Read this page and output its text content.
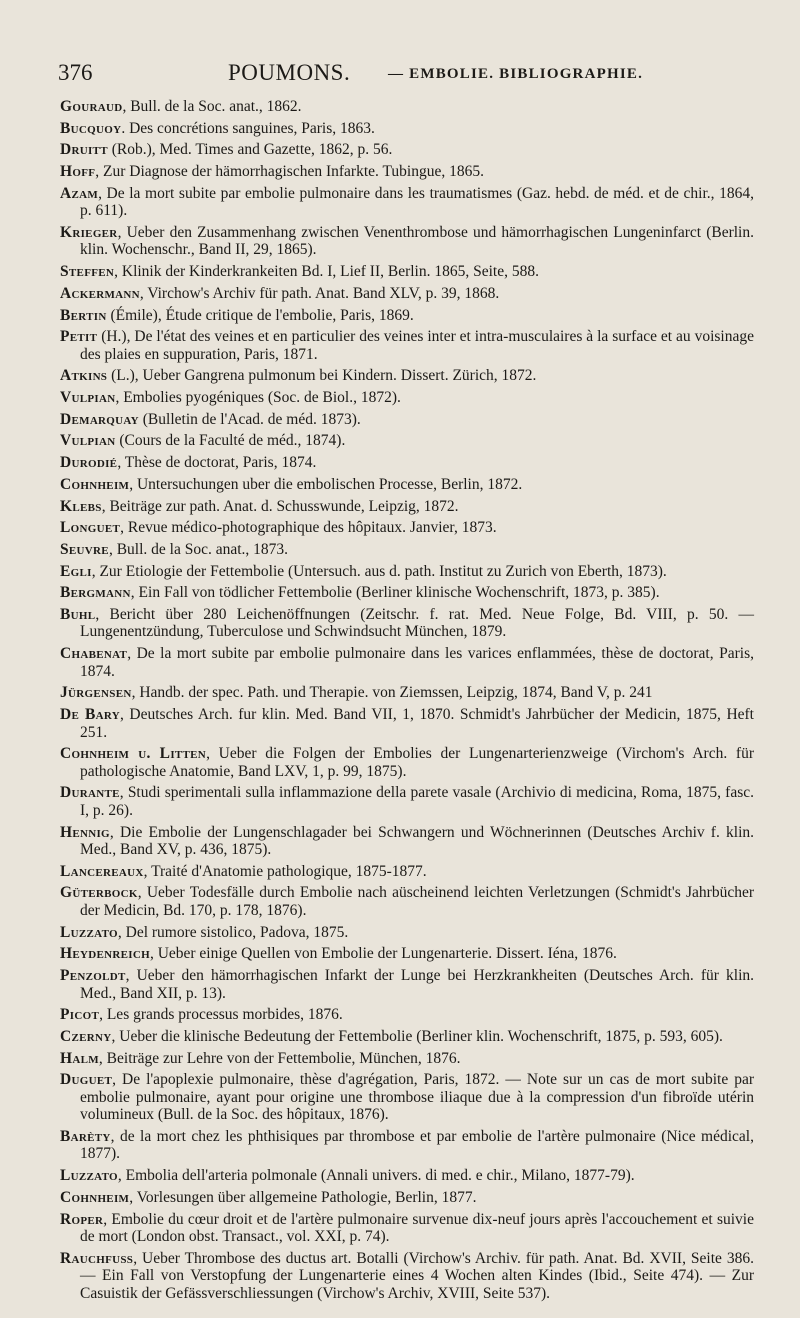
376	POUMONS.	— EMBOLIE. BIBLIOGRAPHIE.

Gouraud, Bull. de la Soc. anat., 1862.

Bucquoy. Des concrétions sanguines, Paris, 1863.

Druitt (Rob.), Med. Times and Gazette, 1862, p. 56.

Hoff, Zur Diagnose der hämorrhagischen Infarkte. Tubingue, 1865.

Azam, De la mort subite par embolie pulmonaire dans les traumatismes (Gaz. hebd. de méd. et de chir., 1864, p. 611).

Krieger, Ueber den Zusammenhang zwischen Venenthrombose und hämorrhagischen Lungeninfarct (Berlin. klin. Wochenschr., Band II, 29, 1865).

Steffen, Klinik der Kinderkrankeiten Bd. I, Lief II, Berlin. 1865, Seite, 588.

Ackermann, Virchow's Archiv für path. Anat. Band XLV, p. 39, 1868.

Bertin (Émile), Étude critique de l'embolie, Paris, 1869.

Petit (H.), De l'état des veines et en particulier des veines inter et intra-musculaires à la surface et au voisinage des plaies en suppuration, Paris, 1871.

Atkins (L.), Ueber Gangrena pulmonum bei Kindern. Dissert. Zürich, 1872.

Vulpian, Embolies pyogéniques (Soc. de Biol., 1872).

Demarquay (Bulletin de l'Acad. de méd. 1873).

Vulpian (Cours de la Faculté de méd., 1874).

Durodié, Thèse de doctorat, Paris, 1874.

Cohnheim, Untersuchungen uber die embolischen Processe, Berlin, 1872.

Klebs, Beiträge zur path. Anat. d. Schusswunde, Leipzig, 1872.

Longuet, Revue médico-photographique des hôpitaux. Janvier, 1873.

Seuvre, Bull. de la Soc. anat., 1873.

Egli, Zur Etiologie der Fettembolie (Untersuch. aus d. path. Institut zu Zurich von Eberth, 1873).

Bergmann, Ein Fall von tödlicher Fettembolie (Berliner klinische Wochenschrift, 1873, p. 385).

Buhl, Bericht über 280 Leichenöffnungen (Zeitschr. f. rat. Med. Neue Folge, Bd. VIII, p. 50. — Lungenentzündung, Tuberculose und Schwindsucht München, 1879.

Chabenat, De la mort subite par embolie pulmonaire dans les varices enflammées, thèse de doctorat, Paris, 1874.

Jürgensen, Handb. der spec. Path. und Therapie. von Ziemssen, Leipzig, 1874, Band V, p. 241

De Bary, Deutsches Arch. fur klin. Med. Band VII, 1, 1870. Schmidt's Jahrbücher der Medicin, 1875, Heft 251.

Cohnheim u. Litten, Ueber die Folgen der Embolies der Lungenarterienzweige (Virchom's Arch. für pathologische Anatomie, Band LXV, 1, p. 99, 1875).

Durante, Studi sperimentali sulla inflammazione della parete vasale (Archivio di medicina, Roma, 1875, fasc. I, p. 26).

Hennig, Die Embolie der Lungenschlagader bei Schwangern und Wöchnerinnen (Deutsches Archiv f. klin. Med., Band XV, p. 436, 1875).

Lancereaux, Traité d'Anatomie pathologique, 1875-1877.

Güterbock, Ueber Todesfälle durch Embolie nach aüscheinend leichten Verletzungen (Schmidt's Jahrbücher der Medicin, Bd. 170, p. 178, 1876).

Luzzato, Del rumore sistolico, Padova, 1875.

Heydenreich, Ueber einige Quellen von Embolie der Lungenarterie. Dissert. Iéna, 1876.

Penzoldt, Ueber den hämorrhagischen Infarkt der Lunge bei Herzkrankheiten (Deutsches Arch. für klin. Med., Band XII, p. 13).

Picot, Les grands processus morbides, 1876.

Czerny, Ueber die klinische Bedeutung der Fettembolie (Berliner klin. Wochenschrift, 1875, p. 593, 605).

Halm, Beiträge zur Lehre von der Fettembolie, München, 1876.

Duguet, De l'apoplexie pulmonaire, thèse d'agrégation, Paris, 1872. — Note sur un cas de mort subite par embolie pulmonaire, ayant pour origine une thrombose iliaque due à la compression d'un fibroïde utérin volumineux (Bull. de la Soc. des hôpitaux, 1876).

Barèty, de la mort chez les phthisiques par thrombose et par embolie de l'artère pulmonaire (Nice médical, 1877).

Luzzato, Embolia dell'arteria polmonale (Annali univers. di med. e chir., Milano, 1877-79).

Cohnheim, Vorlesungen über allgemeine Pathologie, Berlin, 1877.

Roper, Embolie du cœur droit et de l'artère pulmonaire survenue dix-neuf jours après l'accouchement et suivie de mort (London obst. Transact., vol. XXI, p. 74).

Rauchfuss, Ueber Thrombose des ductus art. Botalli (Virchow's Archiv. für path. Anat. Bd. XVII, Seite 386. — Ein Fall von Verstopfung der Lungenarterie eines 4 Wochen alten Kindes (Ibid., Seite 474). — Zur Casuistik der Gefässverschliessungen (Virchow's Archiv, XVIII, Seite 537).
